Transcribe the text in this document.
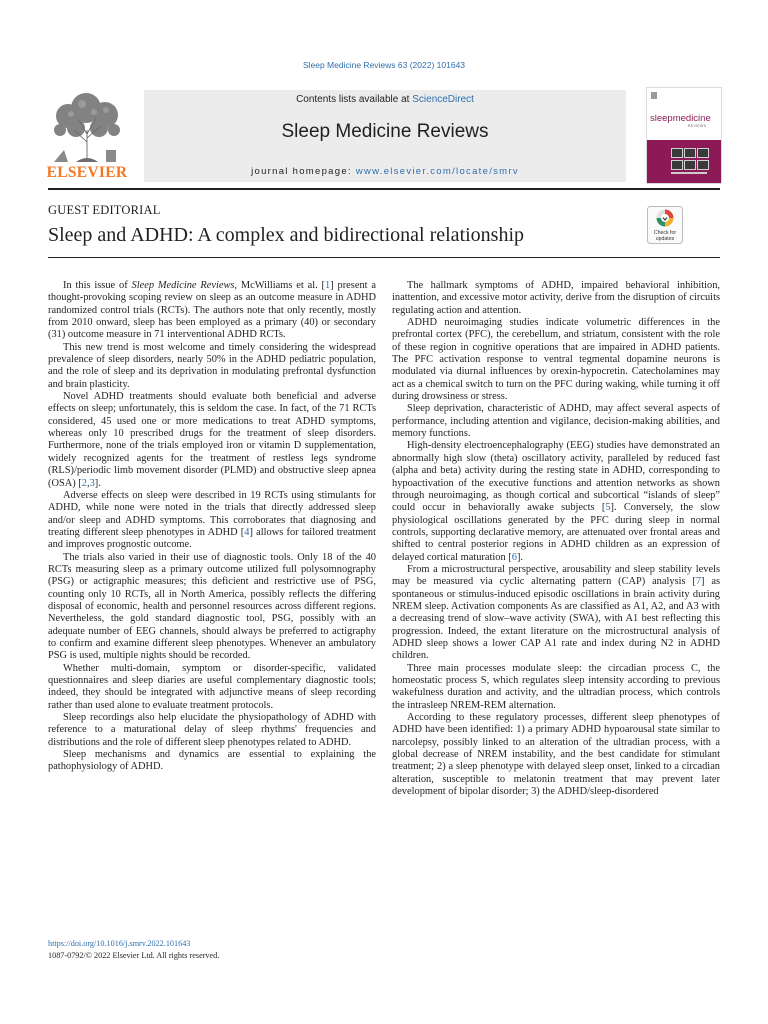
Sleep Medicine Reviews 63 (2022) 101643
ELSEVIER
Contents lists available at ScienceDirect
Sleep Medicine Reviews
journal homepage: www.elsevier.com/locate/smrv
sleepmedicine
REVIEWS
GUEST EDITORIAL
Sleep and ADHD: A complex and bidirectional relationship	Check for
updates

In this issue of Sleep Medicine Reviews, McWilliams et al. [1] present a thought-provoking scoping review on sleep as an outcome measure in ADHD randomized control trials (RCTs). The authors note that only recently, mostly from 2010 onward, sleep has been employed as a primary (40) or secondary (31) outcome measure in 71 interventional ADHD RCTs.

This new trend is most welcome and timely considering the widespread prevalence of sleep disorders, nearly 50% in the ADHD pediatric population, and the role of sleep and its deprivation in modulating prefrontal dysfunction and brain plasticity.

Novel ADHD treatments should evaluate both beneficial and adverse effects on sleep; unfortunately, this is seldom the case. In fact, of the 71 RCTs considered, 45 used one or more medications to treat ADHD symptoms, whereas only 10 prescribed drugs for the treatment of sleep disorders. Furthermore, none of the trials employed iron or vitamin D supplementation, widely recognized agents for the treatment of restless legs syndrome (RLS)/periodic limb movement disorder (PLMD) and obstructive sleep apnea (OSA) [2,3].

Adverse effects on sleep were described in 19 RCTs using stimulants for ADHD, while none were noted in the trials that directly addressed sleep and/or sleep and ADHD symptoms. This corroborates that diagnosing and treating different sleep phenotypes in ADHD [4] allows for tailored treatment and improves prognostic outcome.

The trials also varied in their use of diagnostic tools. Only 18 of the 40 RCTs measuring sleep as a primary outcome utilized full polysomnography (PSG) or actigraphic measures; this deficient and restrictive use of PSG, counting only 10 RCTs, all in North America, possibly reflects the differing disposal of economic, health and personnel resources across different regions. Nevertheless, the gold standard diagnostic tool, PSG, possibly with an adequate number of EEG channels, should always be preferred to actigraphy to confirm and examine different sleep phenotypes. Whenever an ambulatory PSG is used, multiple nights should be recorded.

Whether multi-domain, symptom or disorder-specific, validated questionnaires and sleep diaries are useful complementary diagnostic tools; indeed, they should be integrated with adjunctive means of sleep recording rather than used alone to evaluate treatment protocols.

Sleep recordings also help elucidate the physiopathology of ADHD with reference to a maturational delay of sleep rhythms' frequencies and distributions and the role of different sleep phenotypes related to ADHD.

Sleep mechanisms and dynamics are essential to explaining the pathophysiology of ADHD.

The hallmark symptoms of ADHD, impaired behavioral inhibition, inattention, and excessive motor activity, derive from the disruption of circuits regulating action and attention.

ADHD neuroimaging studies indicate volumetric differences in the prefrontal cortex (PFC), the cerebellum, and striatum, consistent with the role of these region in cognitive operations that are impaired in ADHD patients. The PFC activation response to ventral tegmental dopamine neurons is modulated via diurnal influences by orexin-hypocretin. Catecholamines may act as a chemical switch to turn on the PFC during waking, while turning it off during drowsiness or stress.

Sleep deprivation, characteristic of ADHD, may affect several aspects of performance, including attention and vigilance, decision-making abilities, and memory functions.

High-density electroencephalography (EEG) studies have demonstrated an abnormally high slow (theta) oscillatory activity, paralleled by reduced fast (alpha and beta) activity during the resting state in ADHD, corresponding to hypoactivation of the executive functions and attention networks as shown through neuroimaging, as though cortical and subcortical “islands of sleep” could occur in behaviorally awake subjects [5]. Conversely, the slow physiological oscillations generated by the PFC during sleep in normal controls, supporting declarative memory, are attenuated over frontal areas and shifted to central posterior regions in ADHD children as an expression of delayed cortical maturation [6].

From a microstructural perspective, arousability and sleep stability levels may be measured via cyclic alternating pattern (CAP) analysis [7] as spontaneous or stimulus-induced episodic oscillations in brain activity during NREM sleep. Activation components As are classified as A1, A2, and A3 with a decreasing trend of slow–wave activity (SWA), with A1 best reflecting this progression. Indeed, the extant literature on the microstructural analysis of ADHD sleep shows a lower CAP A1 rate and index during N2 in ADHD children.

Three main processes modulate sleep: the circadian process C, the homeostatic process S, which regulates sleep intensity according to previous wakefulness duration and activity, and the ultradian process, which controls the intrasleep NREM-REM alternation.

According to these regulatory processes, different sleep phenotypes of ADHD have been identified: 1) a primary ADHD hypoarousal state similar to narcolepsy, possibly linked to an alteration of the ultradian process, with a global decrease of NREM instability, and the best candidate for stimulant treatment; 2) a sleep phenotype with delayed sleep onset, linked to a circadian alteration, susceptible to melatonin treatment that may prevent later development of bipolar disorder; 3) the ADHD/sleep-disordered

https://doi.org/10.1016/j.smrv.2022.101643
1087-0792/© 2022 Elsevier Ltd. All rights reserved.
